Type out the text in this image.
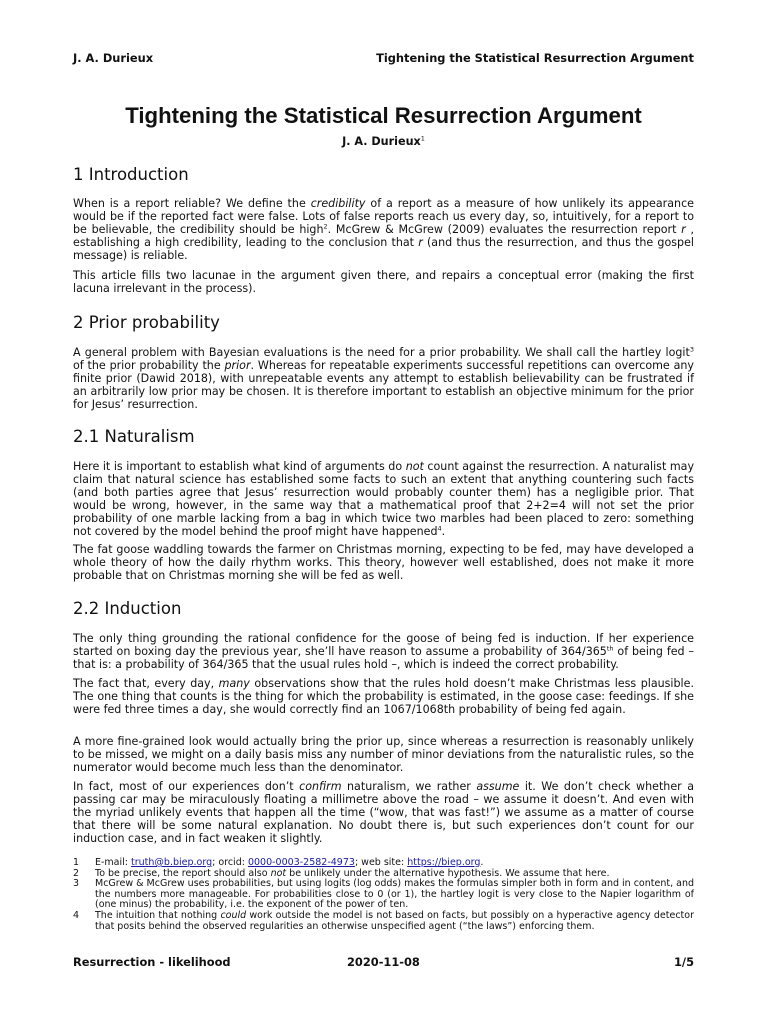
J. A. Durieux	Tightening the Statistical Resurrection Argument
Tightening the Statistical Resurrection Argument
J. A. Durieux$^1$
1 Introduction

When is a report reliable? We define the credibility of a report as a measure of how unlikely its appearance would be if the reported fact were false. Lots of false reports reach us every day, so, intuitively, for a report to be believable, the credibility should be high$^2$. McGrew & McGrew (2009) evaluates the resurrection report r , establishing a high credibility, leading to the conclusion that r (and thus the resurrection, and thus the gospel message) is reliable.

This article fills two lacunae in the argument given there, and repairs a conceptual error (making the first lacuna irrelevant in the process).

2 Prior probability

A general problem with Bayesian evaluations is the need for a prior probability. We shall call the hartley logit$^3$ of the prior probability the prior. Whereas for repeatable experiments successful repetitions can overcome any finite prior (Dawid 2018), with unrepeatable events any attempt to establish believability can be frustrated if an arbitrarily low prior may be chosen. It is therefore important to establish an objective minimum for the prior for Jesus’ resurrection.

2.1 Naturalism

Here it is important to establish what kind of arguments do not count against the resurrection. A naturalist may claim that natural science has established some facts to such an extent that anything countering such facts (and both parties agree that Jesus’ resurrection would probably counter them) has a negligible prior. That would be wrong, however, in the same way that a mathematical proof that 2+2=4 will not set the prior probability of one marble lacking from a bag in which twice two marbles had been placed to zero: something not covered by the model behind the proof might have happened$^4$.

The fat goose waddling towards the farmer on Christmas morning, expecting to be fed, may have developed a whole theory of how the daily rhythm works. This theory, however well established, does not make it more probable that on Christmas morning she will be fed as well.

2.2 Induction

The only thing grounding the rational confidence for the goose of being fed is induction. If her experience started on boxing day the previous year, she’ll have reason to assume a probability of 364/365th of being fed – that is: a probability of 364/365 that the usual rules hold –, which is indeed the correct probability.

The fact that, every day, many observations show that the rules hold doesn’t make Christmas less plausible. The one thing that counts is the thing for which the probability is estimated, in the goose case: feedings. If she were fed three times a day, she would correctly find an 1067/1068th probability of being fed again.

A more fine-grained look would actually bring the prior up, since whereas a resurrection is reasonably unlikely to be missed, we might on a daily basis miss any number of minor deviations from the naturalistic rules, so the numerator would become much less than the denominator.

In fact, most of our experiences don’t confirm naturalism, we rather assume it. We don’t check whether a passing car may be miraculously floating a millimetre above the road – we assume it doesn’t. And even with the myriad unlikely events that happen all the time (“wow, that was fast!”) we assume as a matter of course that there will be some natural explanation. No doubt there is, but such experiences don’t count for our induction case, and in fact weaken it slightly.

1 E-mail: truth@b.biep.org; orcid: 0000-0003-2582-4973; web site: https://biep.org.
2 To be precise, the report should also not be unlikely under the alternative hypothesis. We assume that here.
3 McGrew & McGrew uses probabilities, but using logits (log odds) makes the formulas simpler both in form and in content, and the numbers more manageable. For probabilities close to 0 (or 1), the hartley logit is very close to the Napier logarithm of (one minus) the probability, i.e. the exponent of the power of ten.
4 The intuition that nothing could work outside the model is not based on facts, but possibly on a hyperactive agency detector that posits behind the observed regularities an otherwise unspecified agent (“the laws”) enforcing them.
Resurrection - likelihood	2020-11-08	1/5
